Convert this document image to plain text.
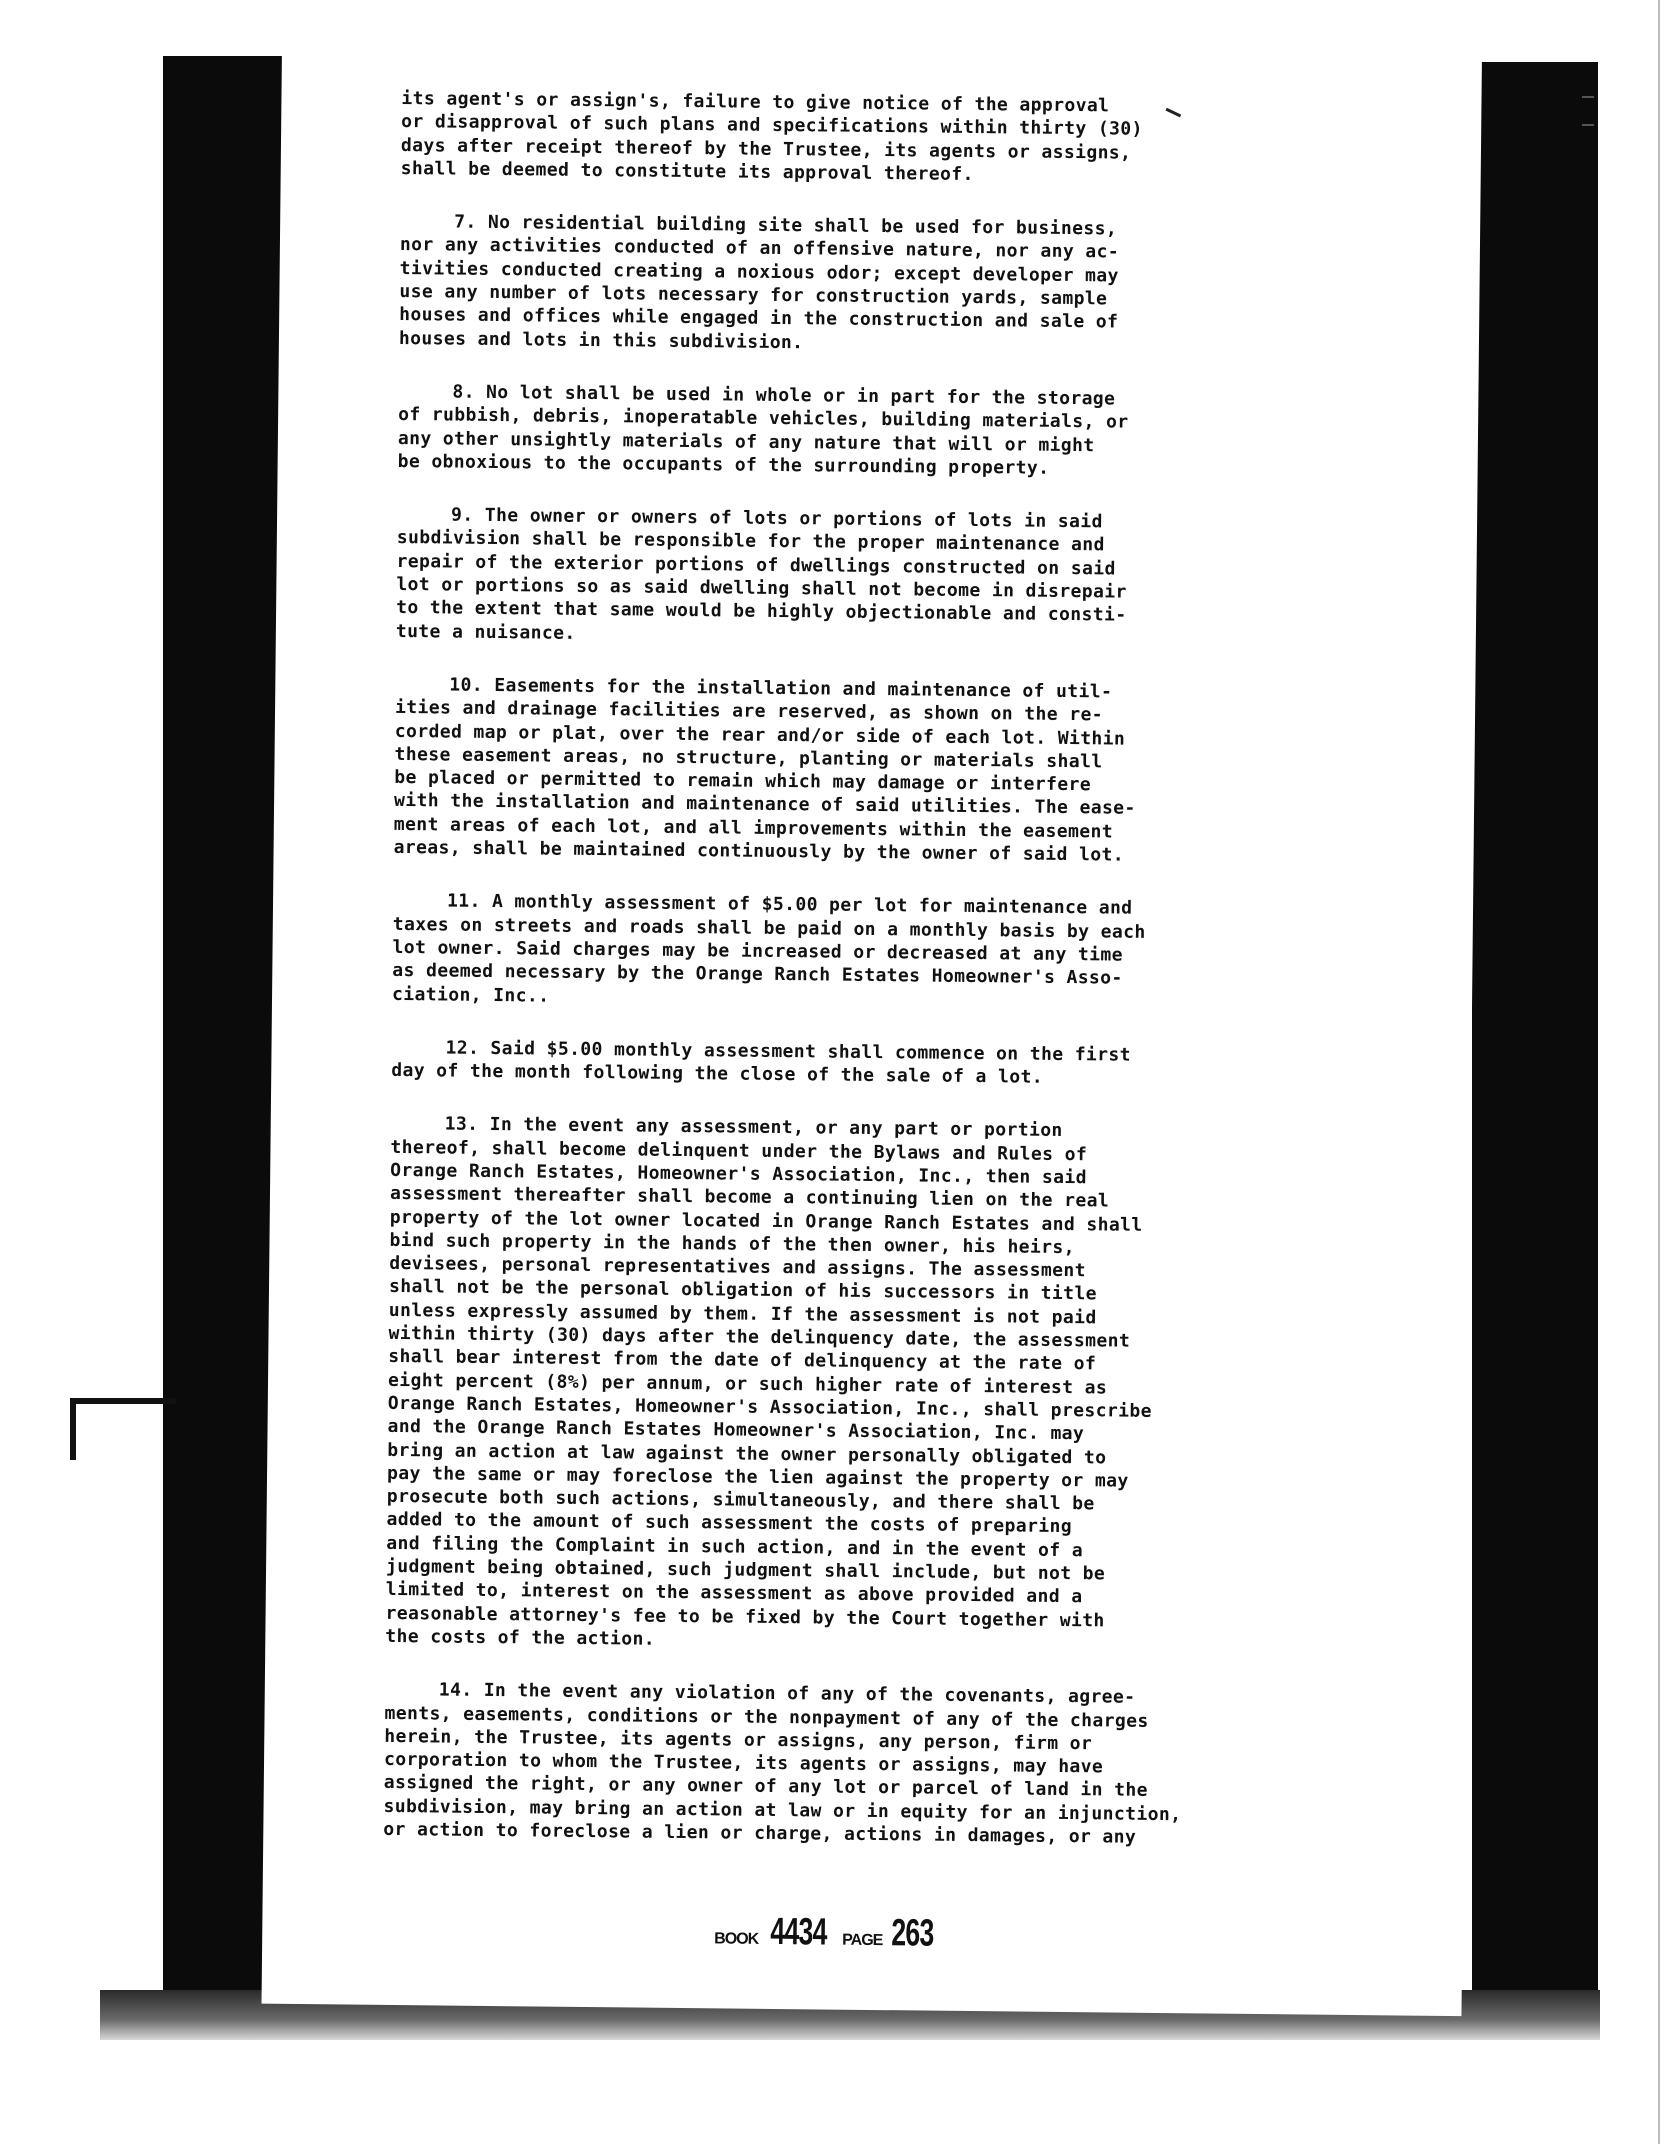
its agent's or assign's, failure to give notice of the approval
or disapproval of such plans and specifications within thirty (30)
days after receipt thereof by the Trustee, its agents or assigns,
shall be deemed to constitute its approval thereof.
7. No residential building site shall be used for business,
nor any activities conducted of an offensive nature, nor any ac-
tivities conducted creating a noxious odor; except developer may
use any number of lots necessary for construction yards, sample
houses and offices while engaged in the construction and sale of
houses and lots in this subdivision.
8. No lot shall be used in whole or in part for the storage
of rubbish, debris, inoperatable vehicles, building materials, or
any other unsightly materials of any nature that will or might
be obnoxious to the occupants of the surrounding property.
9. The owner or owners of lots or portions of lots in said
subdivision shall be responsible for the proper maintenance and
repair of the exterior portions of dwellings constructed on said
lot or portions so as said dwelling shall not become in disrepair
to the extent that same would be highly objectionable and consti-
tute a nuisance.
10. Easements for the installation and maintenance of util-
ities and drainage facilities are reserved, as shown on the re-
corded map or plat, over the rear and/or side of each lot. Within
these easement areas, no structure, planting or materials shall
be placed or permitted to remain which may damage or interfere
with the installation and maintenance of said utilities. The ease-
ment areas of each lot, and all improvements within the easement
areas, shall be maintained continuously by the owner of said lot.
11. A monthly assessment of $5.00 per lot for maintenance and
taxes on streets and roads shall be paid on a monthly basis by each
lot owner. Said charges may be increased or decreased at any time
as deemed necessary by the Orange Ranch Estates Homeowner's Asso-
ciation, Inc..
12. Said $5.00 monthly assessment shall commence on the first
day of the month following the close of the sale of a lot.
13. In the event any assessment, or any part or portion
thereof, shall become delinquent under the Bylaws and Rules of
Orange Ranch Estates, Homeowner's Association, Inc., then said
assessment thereafter shall become a continuing lien on the real
property of the lot owner located in Orange Ranch Estates and shall
bind such property in the hands of the then owner, his heirs,
devisees, personal representatives and assigns. The assessment
shall not be the personal obligation of his successors in title
unless expressly assumed by them. If the assessment is not paid
within thirty (30) days after the delinquency date, the assessment
shall bear interest from the date of delinquency at the rate of
eight percent (8%) per annum, or such higher rate of interest as
Orange Ranch Estates, Homeowner's Association, Inc., shall prescribe
and the Orange Ranch Estates Homeowner's Association, Inc. may
bring an action at law against the owner personally obligated to
pay the same or may foreclose the lien against the property or may
prosecute both such actions, simultaneously, and there shall be
added to the amount of such assessment the costs of preparing
and filing the Complaint in such action, and in the event of a
judgment being obtained, such judgment shall include, but not be
limited to, interest on the assessment as above provided and a
reasonable attorney's fee to be fixed by the Court together with
the costs of the action.
14. In the event any violation of any of the covenants, agree-
ments, easements, conditions or the nonpayment of any of the charges
herein, the Trustee, its agents or assigns, any person, firm or
corporation to whom the Trustee, its agents or assigns, may have
assigned the right, or any owner of any lot or parcel of land in the
subdivision, may bring an action at law or in equity for an injunction,
or action to foreclose a lien or charge, actions in damages, or any
BOOK 4434 PAGE 263
